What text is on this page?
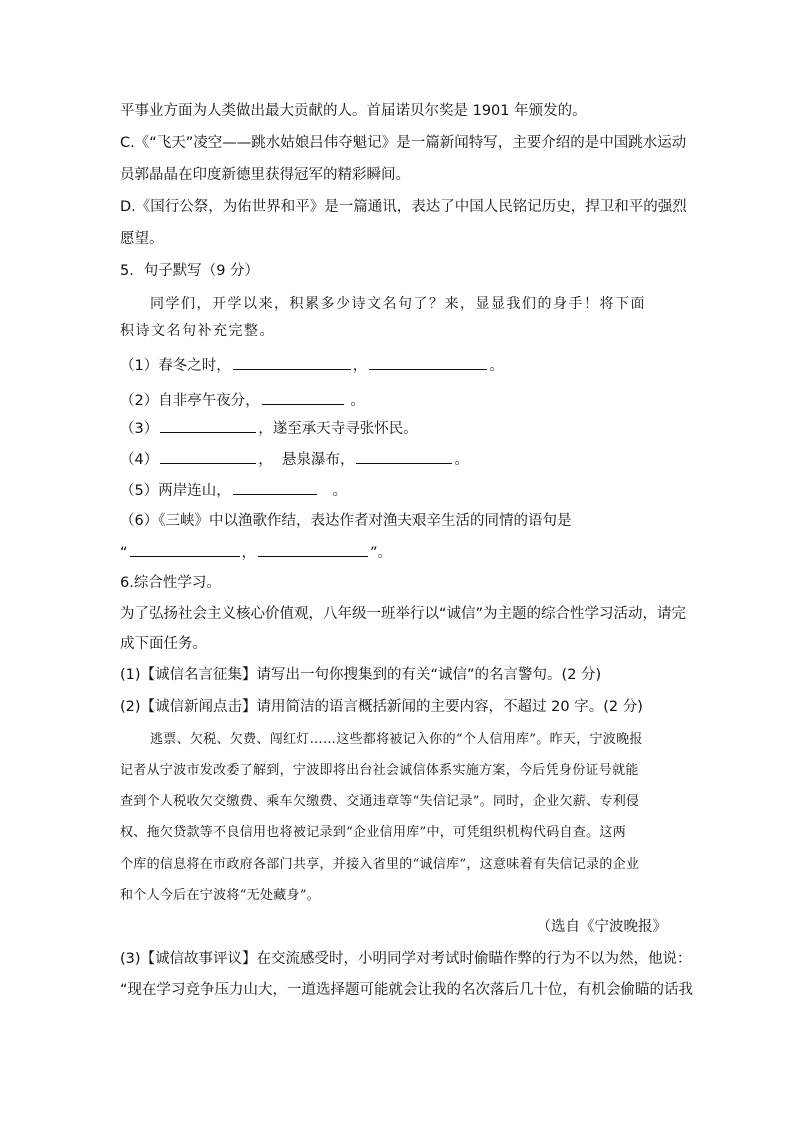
平事业方面为人类做出最大贡献的人。首届诺贝尔奖是 1901 年颁发的。
C.《“飞天”凌空——跳水姑娘吕伟夺魁记》是一篇新闻特写，主要介绍的是中国跳水运动
员郭晶晶在印度新德里获得冠军的精彩瞬间。
D.《国行公祭，为佑世界和平》是一篇通讯，表达了中国人民铭记历史，捍卫和平的强烈
愿望。
5．句子默写（9 分）
同学们，开学以来，积累多少诗文名句了？来，显显我们的身手！将下面
积诗文名句补充完整。
（1）春冬之时，	，	。
（2）自非亭午夜分，	。
（3）	，遂至承天寺寻张怀民。
（4）	，  悬泉瀑布，	。
（5）两岸连山，	。
（6）《三峡》中以渔歌作结，表达作者对渔夫艰辛生活的同情的语句是
“	，	”。
6.综合性学习。
为了弘扬社会主义核心价值观，八年级一班举行以“诚信”为主题的综合性学习活动，请完
成下面任务。
(1)【诚信名言征集】请写出一句你搜集到的有关“诚信”的名言警句。(2 分)
(2)【诚信新闻点击】请用简洁的语言概括新闻的主要内容，不超过 20 字。(2 分)
逃票、欠税、欠费、闯红灯……这些都将被记入你的“个人信用库”。昨天，宁波晚报
记者从宁波市发改委了解到，宁波即将出台社会诚信体系实施方案，今后凭身份证号就能
查到个人税收欠交缴费、乘车欠缴费、交通违章等“失信记录”。同时，企业欠薪、专利侵
权、拖欠贷款等不良信用也将被记录到“企业信用库”中，可凭组织机构代码自查。这两
个库的信息将在市政府各部门共享，并接入省里的“诚信库”，这意味着有失信记录的企业
和个人今后在宁波将“无处藏身”。
（选自《宁波晚报》
(3)【诚信故事评议】在交流感受时，小明同学对考试时偷瞄作弊的行为不以为然，他说：
“现在学习竞争压力山大，一道选择题可能就会让我的名次落后几十位，有机会偷瞄的话我
